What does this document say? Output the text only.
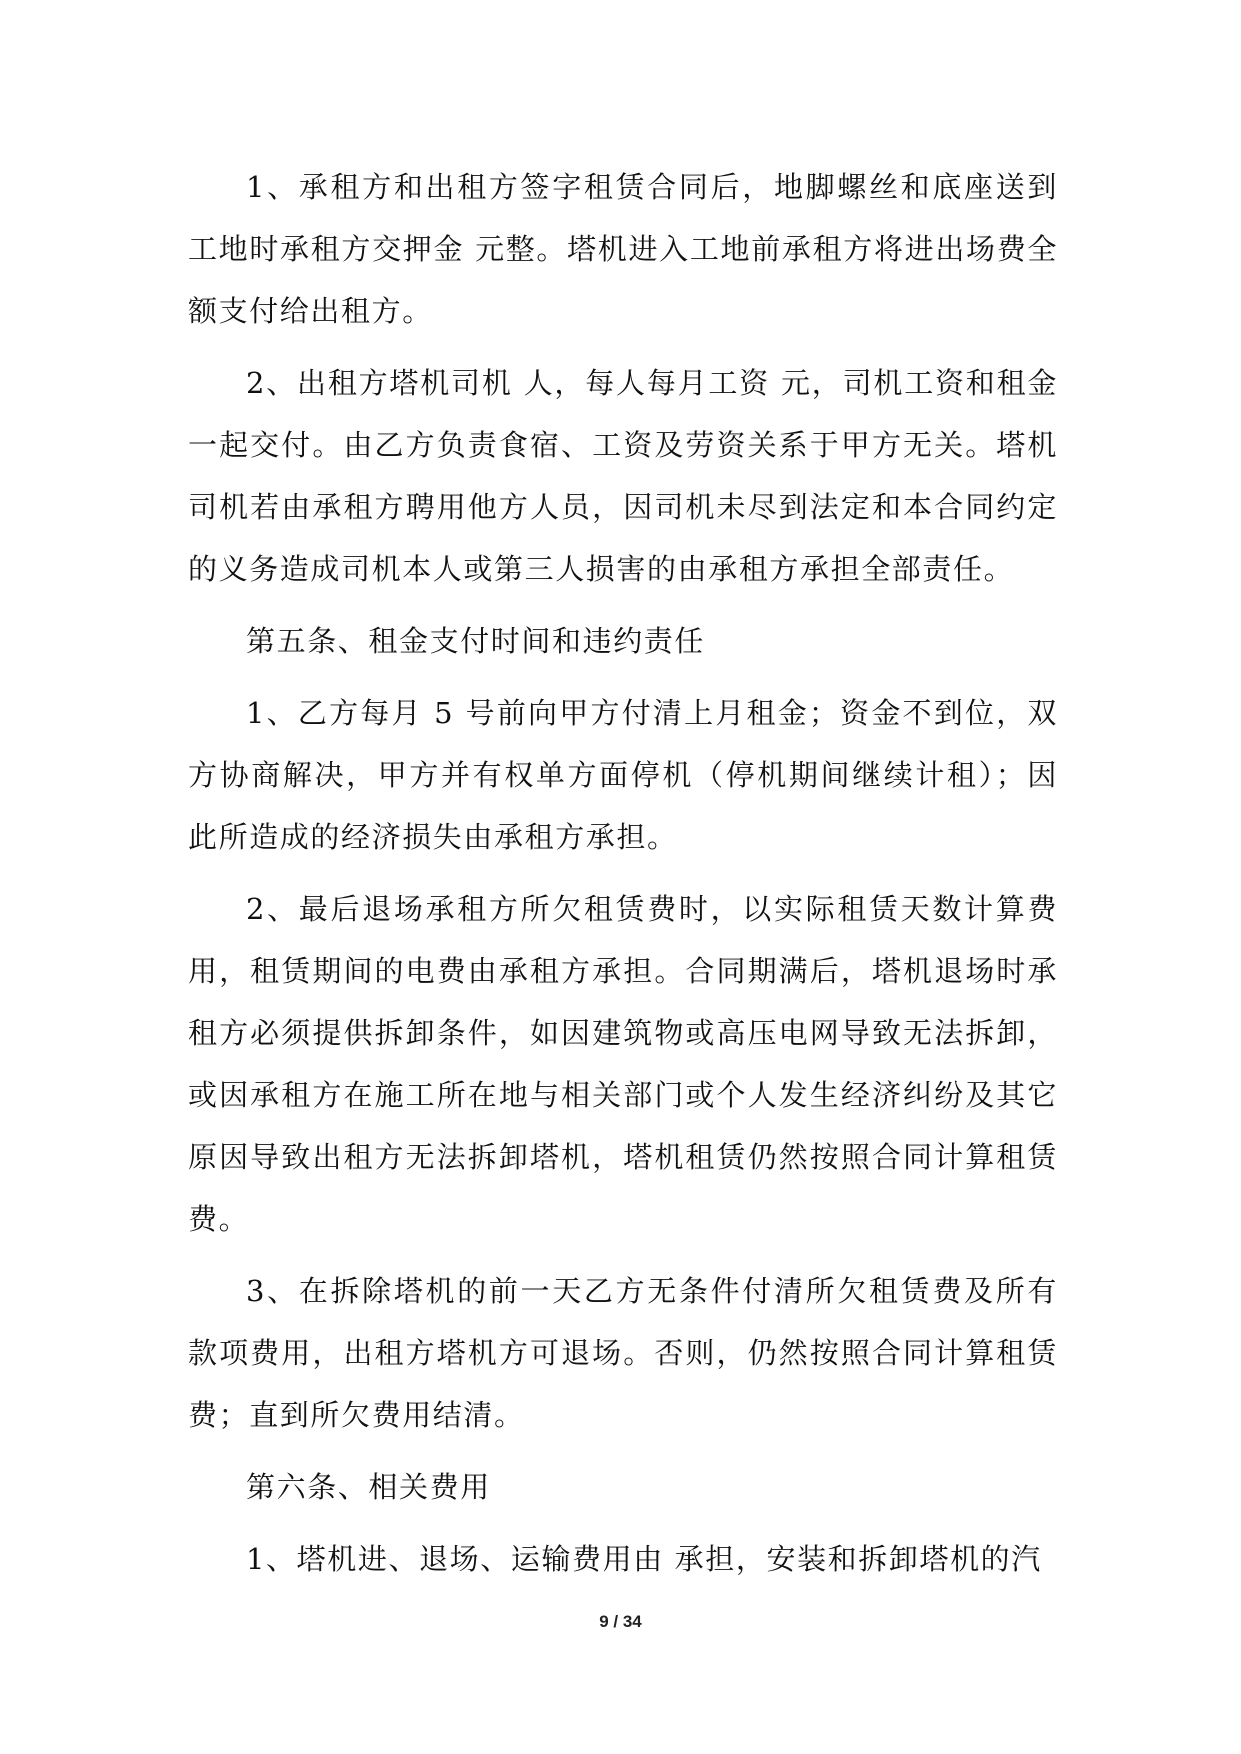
1、承租方和出租方签字租赁合同后，地脚螺丝和底座送到工地时承租方交押金 元整。塔机进入工地前承租方将进出场费全额支付给出租方。

2、出租方塔机司机 人，每人每月工资 元，司机工资和租金一起交付。由乙方负责食宿、工资及劳资关系于甲方无关。塔机司机若由承租方聘用他方人员，因司机未尽到法定和本合同约定的义务造成司机本人或第三人损害的由承租方承担全部责任。

第五条、租金支付时间和违约责任

1、乙方每月 5 号前向甲方付清上月租金；资金不到位，双方协商解决，甲方并有权单方面停机（停机期间继续计租）；因此所造成的经济损失由承租方承担。

2、最后退场承租方所欠租赁费时，以实际租赁天数计算费用，租赁期间的电费由承租方承担。合同期满后，塔机退场时承租方必须提供拆卸条件，如因建筑物或高压电网导致无法拆卸，或因承租方在施工所在地与相关部门或个人发生经济纠纷及其它原因导致出租方无法拆卸塔机，塔机租赁仍然按照合同计算租赁费。

3、在拆除塔机的前一天乙方无条件付清所欠租赁费及所有款项费用，出租方塔机方可退场。否则，仍然按照合同计算租赁费；直到所欠费用结清。

第六条、相关费用

1、塔机进、退场、运输费用由 承担，安装和拆卸塔机的汽

9 / 34
